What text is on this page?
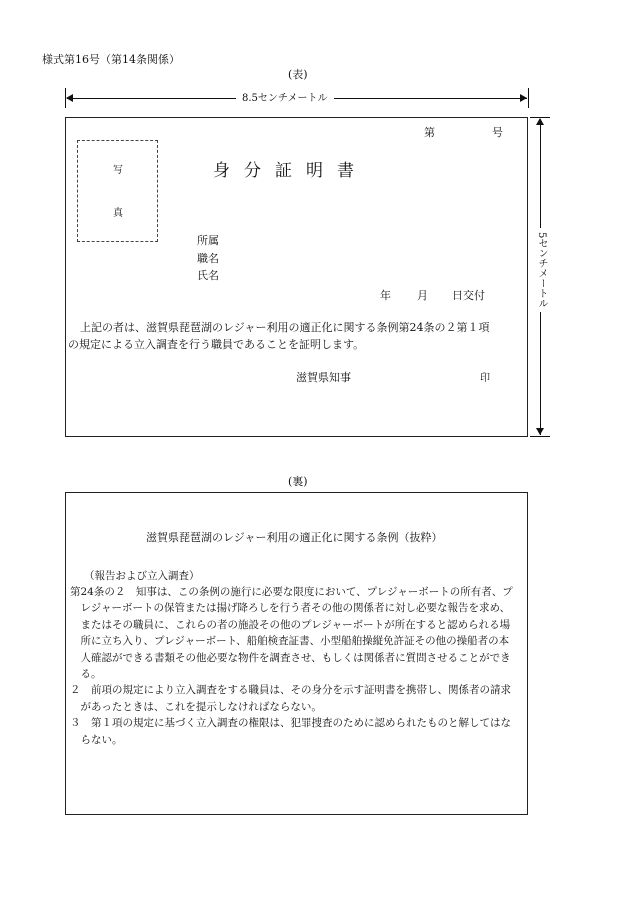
様式第16号（第14条関係）
(表)
8.5センチメートル
5センチメートル
第	号
写
真
身分証明書
所属
職名
氏名
年 月 日交付
上記の者は、滋賀県琵琶湖のレジャー利用の適正化に関する条例第24条の２第１項
の規定による立入調査を行う職員であることを証明します。
滋賀県知事	印
(裏)
滋賀県琵琶湖のレジャー利用の適正化に関する条例（抜粋）
（報告および立入調査）
第24条の２　知事は、この条例の施行に必要な限度において、プレジャーボートの所有者、プ
　レジャーボートの保管または揚げ降ろしを行う者その他の関係者に対し必要な報告を求め、
　またはその職員に、これらの者の施設その他のプレジャーボートが所在すると認められる場
　所に立ち入り、プレジャーボート、船舶検査証書、小型船舶操縦免許証その他の操船者の本
　人確認ができる書類その他必要な物件を調査させ、もしくは関係者に質問させることができ
　る。
２　前項の規定により立入調査をする職員は、その身分を示す証明書を携帯し、関係者の請求
　があったときは、これを提示しなければならない。
３　第１項の規定に基づく立入調査の権限は、犯罪捜査のために認められたものと解してはな
　らない。
